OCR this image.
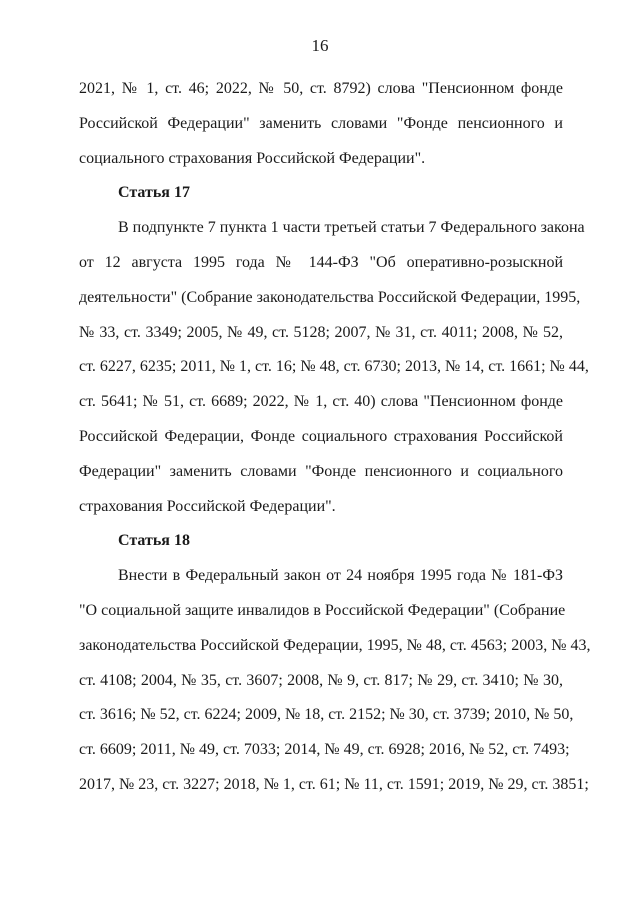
16
2021, № 1, ст. 46; 2022, № 50, ст. 8792) слова "Пенсионном фонде
Российской Федерации" заменить словами "Фонде пенсионного и
социального страхования Российской Федерации".
Статья 17
В подпункте 7 пункта 1 части третьей статьи 7 Федерального закона
от 12 августа 1995 года № 144-ФЗ "Об оперативно-розыскной
деятельности" (Собрание законодательства Российской Федерации, 1995,
№ 33, ст. 3349; 2005, № 49, ст. 5128; 2007, № 31, ст. 4011; 2008, № 52,
ст. 6227, 6235; 2011, № 1, ст. 16; № 48, ст. 6730; 2013, № 14, ст. 1661; № 44,
ст. 5641; № 51, ст. 6689; 2022, № 1, ст. 40) слова "Пенсионном фонде
Российской Федерации, Фонде социального страхования Российской
Федерации" заменить словами "Фонде пенсионного и социального
страхования Российской Федерации".
Статья 18
Внести в Федеральный закон от 24 ноября 1995 года № 181-ФЗ
"О социальной защите инвалидов в Российской Федерации" (Собрание
законодательства Российской Федерации, 1995, № 48, ст. 4563; 2003, № 43,
ст. 4108; 2004, № 35, ст. 3607; 2008, № 9, ст. 817; № 29, ст. 3410; № 30,
ст. 3616; № 52, ст. 6224; 2009, № 18, ст. 2152; № 30, ст. 3739; 2010, № 50,
ст. 6609; 2011, № 49, ст. 7033; 2014, № 49, ст. 6928; 2016, № 52, ст. 7493;
2017, № 23, ст. 3227; 2018, № 1, ст. 61; № 11, ст. 1591; 2019, № 29, ст. 3851;
